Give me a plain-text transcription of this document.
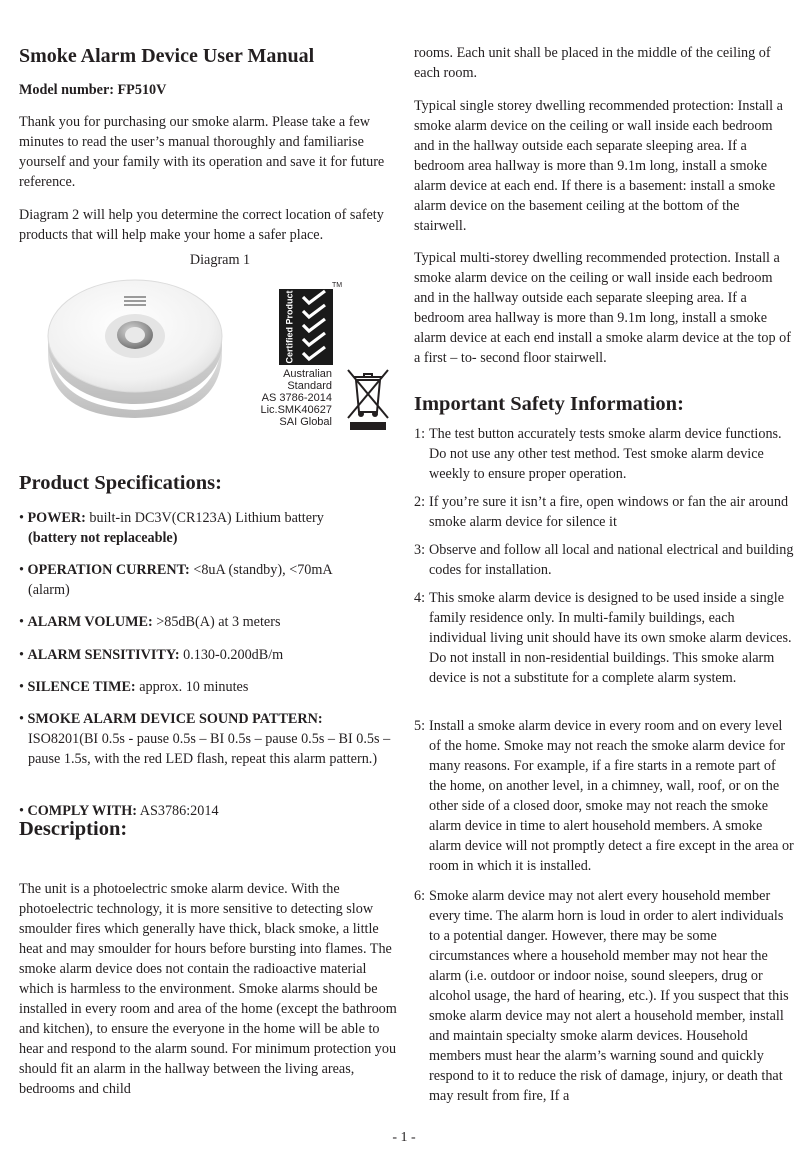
Smoke Alarm Device User Manual
Model number: FP510V
Thank you for purchasing our smoke alarm. Please take a few minutes to read the user’s manual thoroughly and familiarise yourself and your family with its operation and save it for future reference.
Diagram 2 will help you determine the correct location of safety products that will help make your home a safer place.
Diagram 1
TM
Certified Product
Australian
Standard
AS 3786-2014
Lic.SMK40627
SAI Global
Product Specifications:
• POWER: built-in DC3V(CR123A) Lithium battery
(battery not replaceable)
• OPERATION CURRENT: <8uA (standby), <70mA
(alarm)
• ALARM VOLUME: >85dB(A) at 3 meters
• ALARM SENSITIVITY: 0.130-0.200dB/m
• SILENCE TIME: approx. 10 minutes
• SMOKE ALARM DEVICE SOUND PATTERN:
ISO8201(BI 0.5s - pause 0.5s – BI 0.5s – pause 0.5s – BI 0.5s – pause 1.5s, with the red LED flash, repeat this alarm pattern.)
• COMPLY WITH: AS3786:2014
Description:
The unit is a photoelectric smoke alarm device. With the photoelectric technology, it is more sensitive to detecting slow smoulder fires which generally have thick, black smoke, a little heat and may smoulder for hours before bursting into flames. The smoke alarm device does not contain the radioactive material which is harmless to the environment. Smoke alarms should be installed in every room and area of the home (except the bathroom and kitchen), to ensure the everyone in the home will be able to hear and respond to the alarm sound. For minimum protection you should fit an alarm in the hallway between the living areas, bedrooms and child
rooms. Each unit shall be placed in the middle of the ceiling of each room.
Typical single storey dwelling recommended protection: Install a smoke alarm device on the ceiling or wall inside each bedroom and in the hallway outside each separate sleeping area. If a bedroom area hallway is more than 9.1m long, install a smoke alarm device at each end. If there is a basement: install a smoke alarm device on the basement ceiling at the bottom of the stairwell.
Typical multi-storey dwelling recommended protection. Install a smoke alarm device on the ceiling or wall inside each bedroom and in the hallway outside each separate sleeping area. If a bedroom area hallway is more than 9.1m long, install a smoke alarm device at each end install a smoke alarm device at the top of a first – to- second floor stairwell.
Important Safety Information:
1: The test button accurately tests smoke alarm device functions. Do not use any other test method. Test smoke alarm device weekly to ensure proper operation.
2: If you’re sure it isn’t a fire, open windows or fan the air around smoke alarm device for silence it
3: Observe and follow all local and national electrical and building codes for installation.
4: This smoke alarm device is designed to be used inside a single family residence only. In multi-family buildings, each individual living unit should have its own smoke alarm devices. Do not install in non-residential buildings. This smoke alarm device is not a substitute for a complete alarm system.
5: Install a smoke alarm device in every room and on every level of the home. Smoke may not reach the smoke alarm device for many reasons. For example, if a fire starts in a remote part of the home, on another level, in a chimney, wall, roof, or on the other side of a closed door, smoke may not reach the smoke alarm device in time to alert household members. A smoke alarm device will not promptly detect a fire except in the area or room in which it is installed.
6: Smoke alarm device may not alert every household member every time. The alarm horn is loud in order to alert individuals to a potential danger. However, there may be some circumstances where a household member may not hear the alarm (i.e. outdoor or indoor noise, sound sleepers, drug or alcohol usage, the hard of hearing, etc.). If you suspect that this smoke alarm device may not alert a household member, install and maintain specialty smoke alarm devices. Household members must hear the alarm’s warning sound and quickly respond to it to reduce the risk of damage, injury, or death that may result from fire, If a
- 1 -
